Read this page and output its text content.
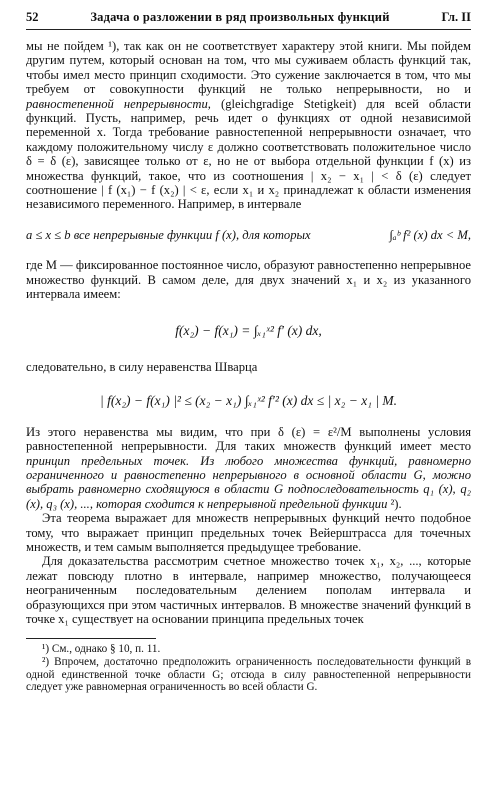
52	Задача о разложении в ряд произвольных функций	Гл. II

мы не пойдем ¹), так как он не соответствует характеру этой книги. Мы пойдем другим путем, который основан на том, что мы суживаем область функций так, чтобы имел место принцип сходимости. Это сужение заключается в том, что мы требуем от совокупности функций не только непрерывности, но и равностепенной непрерывности, (gleichgradige Stetigkeit) для всей области функций. Пусть, например, речь идет о функциях от одной независимой переменной x. Тогда требование равностепенной непрерывности означает, что каждому положительному числу ε должно соответствовать положительное число δ = δ (ε), зависящее только от ε, но не от выбора отдельной функции f (x) из множества функций, такое, что из соотношения | x₂ − x₁ | < δ (ε) следует соотношение | f (x₁) − f (x₂) | < ε, если x₁ и x₂ принадлежат к области изменения независимого переменного. Например, в интервале

a ≤ x ≤ b все непрерывные функции f (x), для которых	∫ₐᵇ f² (x) dx < M,

где M — фиксированное постоянное число, образуют равностепенно непрерывное множество функций. В самом деле, для двух значений x₁ и x₂ из указанного интервала имеем:

f(x₂) − f(x₁) = ∫ₓ₁ˣ² f′ (x) dx,

следовательно, в силу неравенства Шварца

| f(x₂) − f(x₁) |² ≤ (x₂ − x₁) ∫ₓ₁ˣ² f′² (x) dx ≤ | x₂ − x₁ | M.

Из этого неравенства мы видим, что при δ (ε) = ε²/M выполнены условия равностепенной непрерывности. Для таких множеств функций имеет место принцип предельных точек. Из любого множества функций, равномерно ограниченного и равностепенно непрерывного в основной области G, можно выбрать равномерно сходящуюся в области G подпоследовательность q₁ (x), q₂ (x), q₃ (x), ..., которая сходится к непрерывной предельной функции ²).

Эта теорема выражает для множеств непрерывных функций нечто подобное тому, что выражает принцип предельных точек Вейерштрасса для точечных множеств, и тем самым выполняется предыдущее требование.

Для доказательства рассмотрим счетное множество точек x₁, x₂, ..., которые лежат повсюду плотно в интервале, например множество, получающееся неограниченным последовательным делением пополам интервала и образующихся при этом частичных интервалов. В множестве значений функций в точке x₁ существует на основании принципа предельных точек

¹) См., однако § 10, п. 11.

²) Впрочем, достаточно предположить ограниченность последовательности функций в одной единственной точке области G; отсюда в силу равностепенной непрерывности следует уже равномерная ограниченность во всей области G.
